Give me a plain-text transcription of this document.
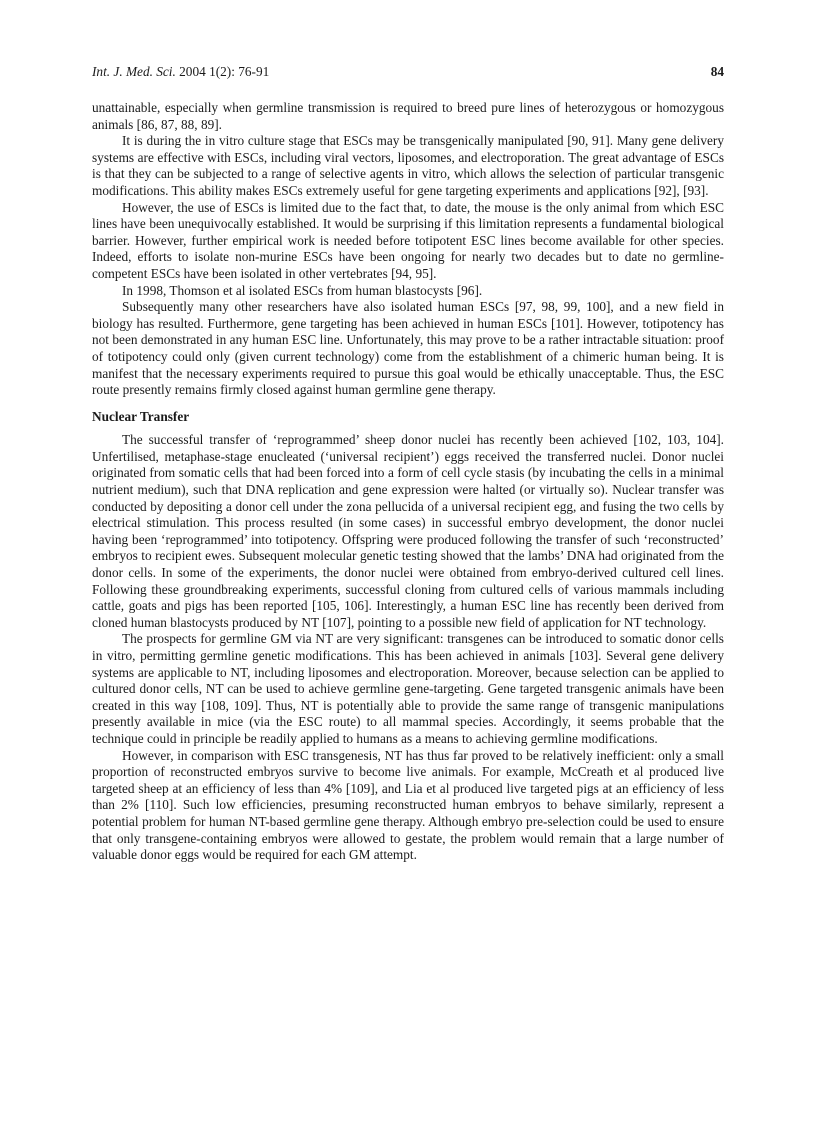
Int. J. Med. Sci. 2004 1(2): 76-91	84

unattainable, especially when germline transmission is required to breed pure lines of heterozygous or homozygous animals [86, 87, 88, 89].

It is during the in vitro culture stage that ESCs may be transgenically manipulated [90, 91]. Many gene delivery systems are effective with ESCs, including viral vectors, liposomes, and electroporation. The great advantage of ESCs is that they can be subjected to a range of selective agents in vitro, which allows the selection of particular transgenic modifications. This ability makes ESCs extremely useful for gene targeting experiments and applications [92], [93].

However, the use of ESCs is limited due to the fact that, to date, the mouse is the only animal from which ESC lines have been unequivocally established. It would be surprising if this limitation represents a fundamental biological barrier. However, further empirical work is needed before totipotent ESC lines become available for other species. Indeed, efforts to isolate non-murine ESCs have been ongoing for nearly two decades but to date no germline-competent ESCs have been isolated in other vertebrates [94, 95].

In 1998, Thomson et al isolated ESCs from human blastocysts [96].

Subsequently many other researchers have also isolated human ESCs [97, 98, 99, 100], and a new field in biology has resulted. Furthermore, gene targeting has been achieved in human ESCs [101]. However, totipotency has not been demonstrated in any human ESC line. Unfortunately, this may prove to be a rather intractable situation: proof of totipotency could only (given current technology) come from the establishment of a chimeric human being. It is manifest that the necessary experiments required to pursue this goal would be ethically unacceptable. Thus, the ESC route presently remains firmly closed against human germline gene therapy.

Nuclear Transfer

The successful transfer of ‘reprogrammed’ sheep donor nuclei has recently been achieved [102, 103, 104]. Unfertilised, metaphase-stage enucleated (‘universal recipient’) eggs received the transferred nuclei. Donor nuclei originated from somatic cells that had been forced into a form of cell cycle stasis (by incubating the cells in a minimal nutrient medium), such that DNA replication and gene expression were halted (or virtually so). Nuclear transfer was conducted by depositing a donor cell under the zona pellucida of a universal recipient egg, and fusing the two cells by electrical stimulation. This process resulted (in some cases) in successful embryo development, the donor nuclei having been ‘reprogrammed’ into totipotency. Offspring were produced following the transfer of such ‘reconstructed’ embryos to recipient ewes. Subsequent molecular genetic testing showed that the lambs’ DNA had originated from the donor cells. In some of the experiments, the donor nuclei were obtained from embryo-derived cultured cell lines. Following these groundbreaking experiments, successful cloning from cultured cells of various mammals including cattle, goats and pigs has been reported [105, 106]. Interestingly, a human ESC line has recently been derived from cloned human blastocysts produced by NT [107], pointing to a possible new field of application for NT technology.

The prospects for germline GM via NT are very significant: transgenes can be introduced to somatic donor cells in vitro, permitting germline genetic modifications. This has been achieved in animals [103]. Several gene delivery systems are applicable to NT, including liposomes and electroporation. Moreover, because selection can be applied to cultured donor cells, NT can be used to achieve germline gene-targeting. Gene targeted transgenic animals have been created in this way [108, 109]. Thus, NT is potentially able to provide the same range of transgenic manipulations presently available in mice (via the ESC route) to all mammal species. Accordingly, it seems probable that the technique could in principle be readily applied to humans as a means to achieving germline modifications.

However, in comparison with ESC transgenesis, NT has thus far proved to be relatively inefficient: only a small proportion of reconstructed embryos survive to become live animals. For example, McCreath et al produced live targeted sheep at an efficiency of less than 4% [109], and Lia et al produced live targeted pigs at an efficiency of less than 2% [110]. Such low efficiencies, presuming reconstructed human embryos to behave similarly, represent a potential problem for human NT-based germline gene therapy. Although embryo pre-selection could be used to ensure that only transgene-containing embryos were allowed to gestate, the problem would remain that a large number of valuable donor eggs would be required for each GM attempt.
